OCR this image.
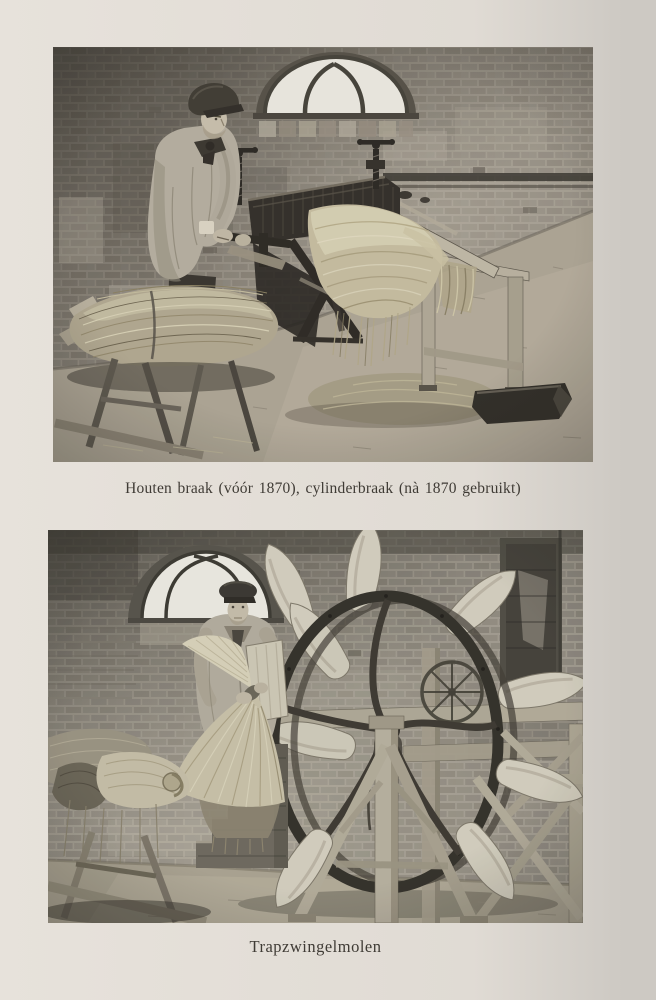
Houten braak (vóór 1870), cylinderbraak (nà 1870 gebruikt)
Trapzwingelmolen
